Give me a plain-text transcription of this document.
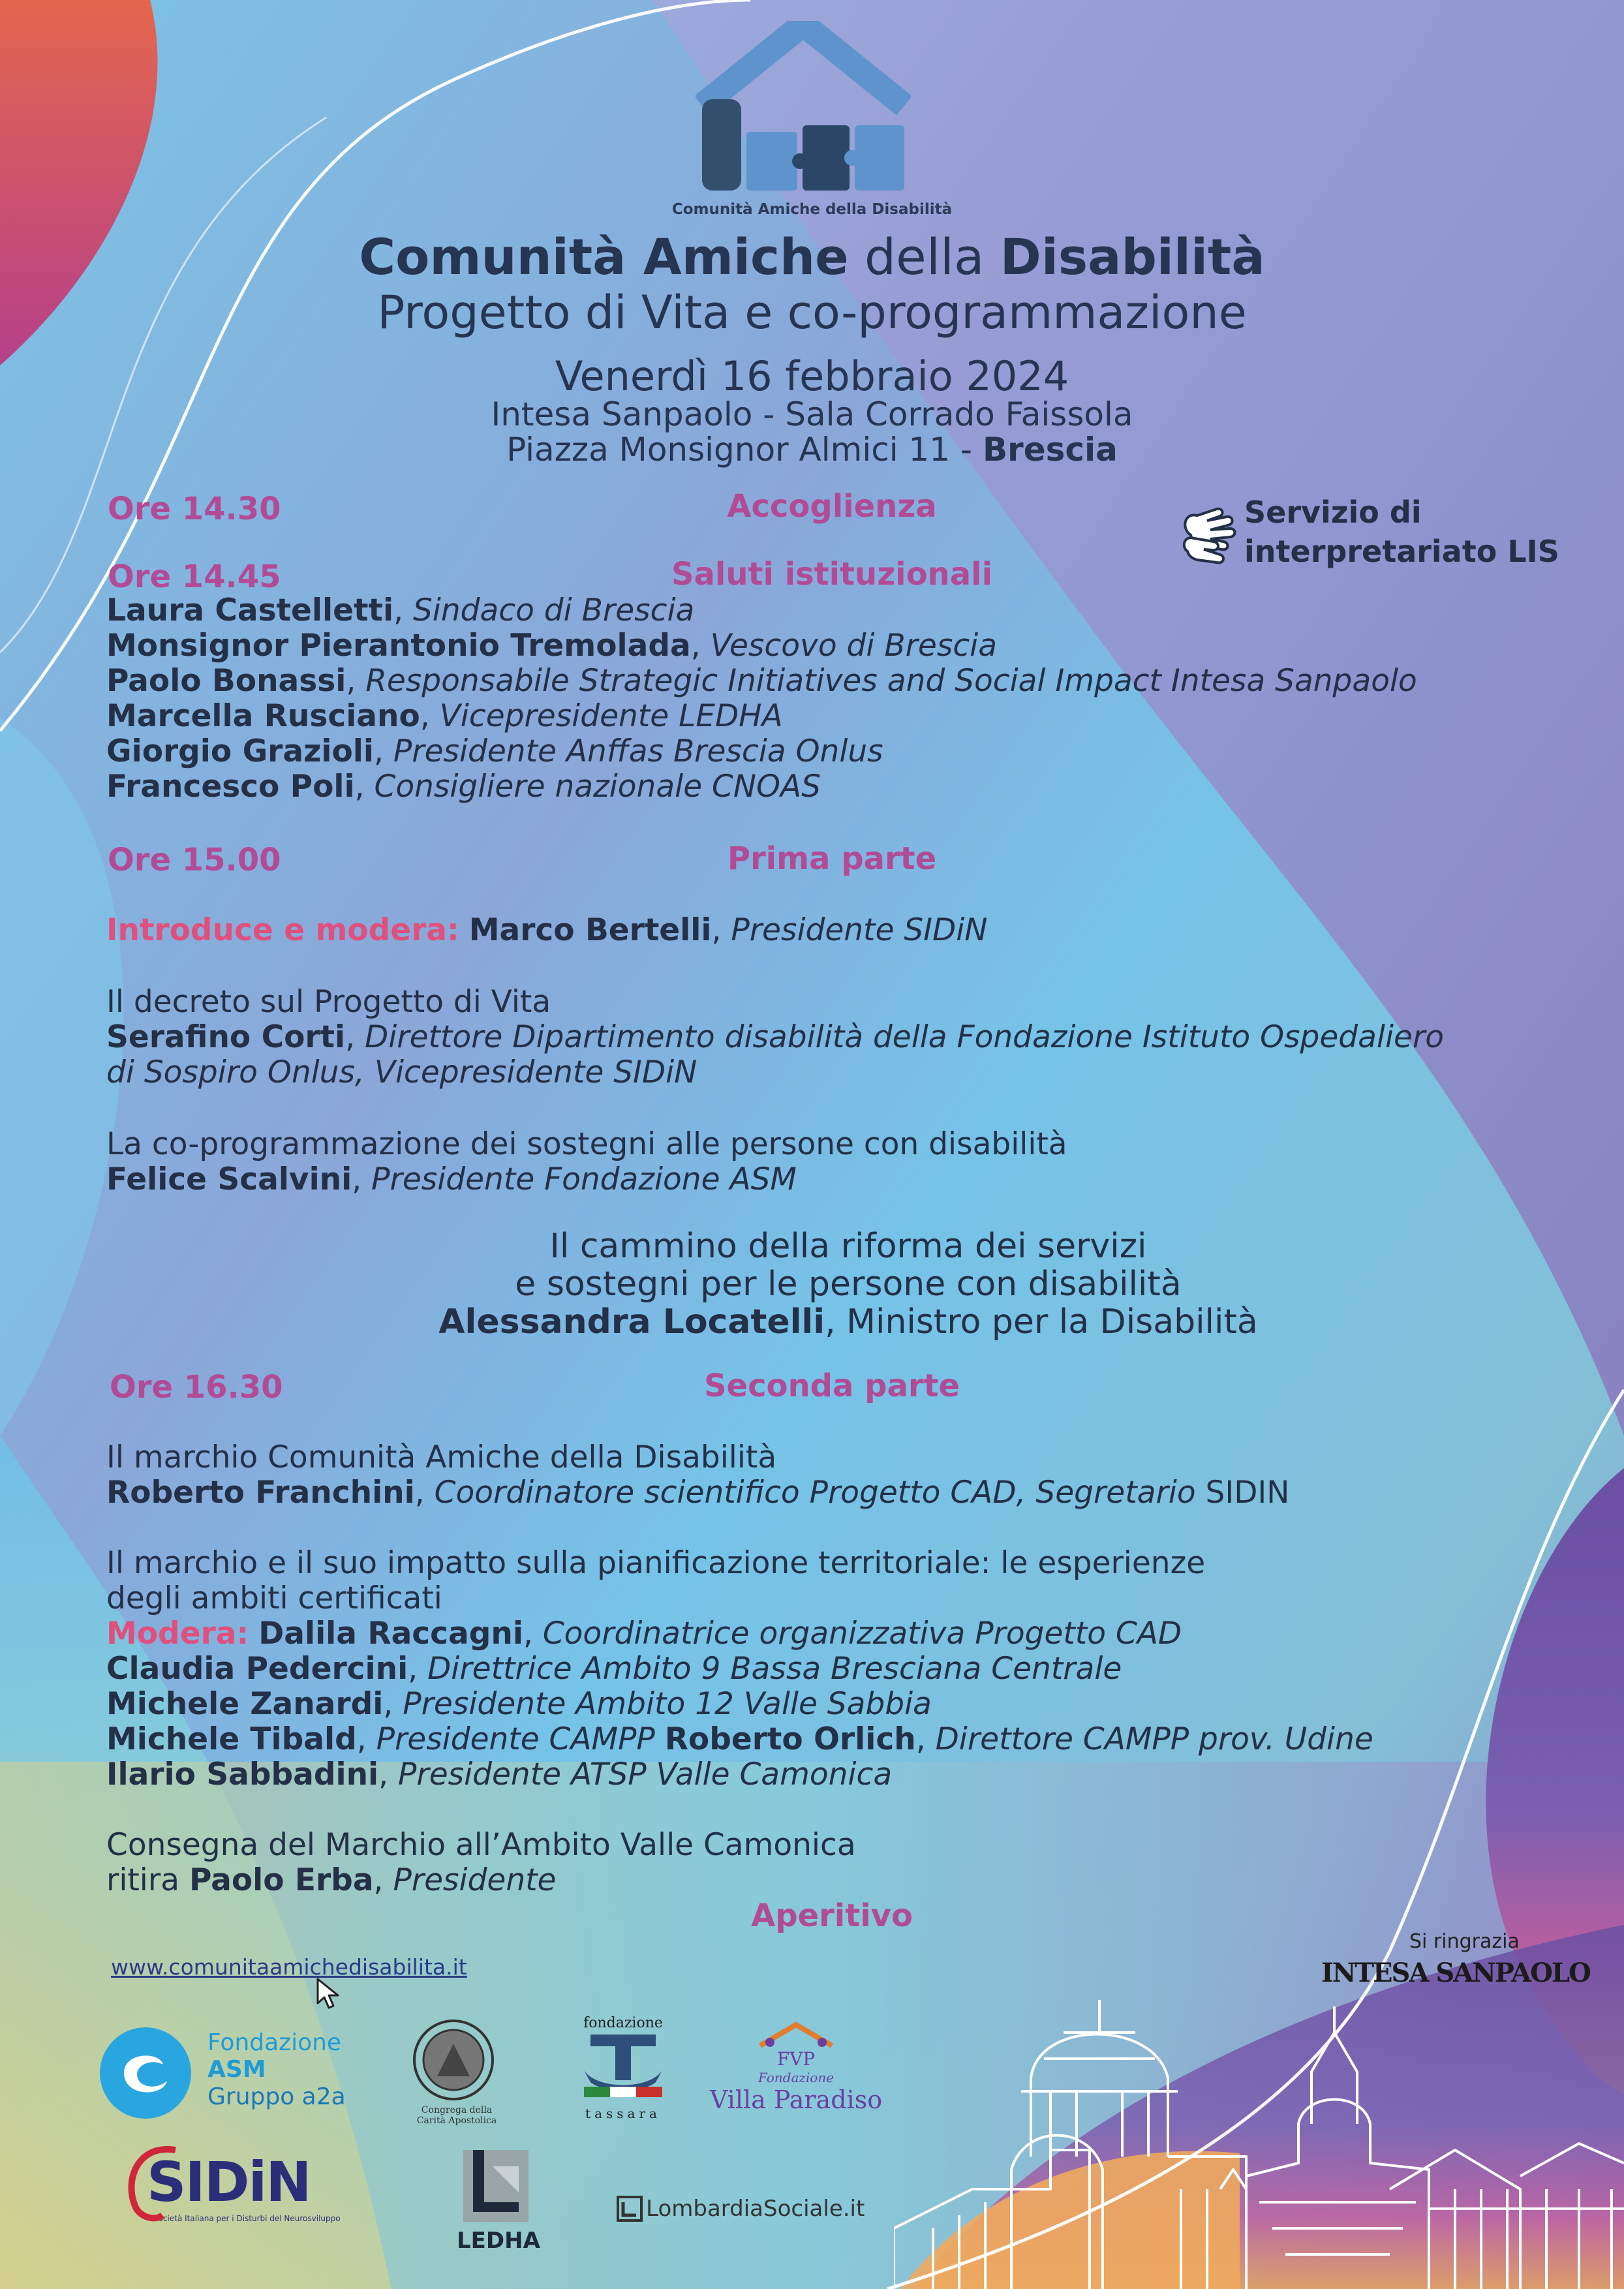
Comunità Amiche della Disabilità
Comunità Amiche della Disabilità
Progetto di Vita e co-programmazione
Venerdì 16 febbraio 2024
Intesa Sanpaolo - Sala Corrado Faissola
Piazza Monsignor Almici 11 - Brescia
Servizio di
interpretariato LIS
Ore 14.30	Accoglienza
Ore 14.45	Saluti istituzionali
Laura Castelletti, Sindaco di Brescia
Monsignor Pierantonio Tremolada, Vescovo di Brescia
Paolo Bonassi, Responsabile Strategic Initiatives and Social Impact Intesa Sanpaolo
Marcella Rusciano, Vicepresidente LEDHA
Giorgio Grazioli, Presidente Anffas Brescia Onlus
Francesco Poli, Consigliere nazionale CNOAS
Ore 15.00	Prima parte
Introduce e modera: Marco Bertelli, Presidente SIDiN
Il decreto sul Progetto di Vita
Serafino Corti, Direttore Dipartimento disabilità della Fondazione Istituto Ospedaliero
di Sospiro Onlus, Vicepresidente SIDiN
La co-programmazione dei sostegni alle persone con disabilità
Felice Scalvini, Presidente Fondazione ASM
Il cammino della riforma dei servizi
e sostegni per le persone con disabilità
Alessandra Locatelli, Ministro per la Disabilità
Ore 16.30	Seconda parte
Il marchio Comunità Amiche della Disabilità
Roberto Franchini, Coordinatore scientifico Progetto CAD, Segretario SIDIN
Il marchio e il suo impatto sulla pianificazione territoriale: le esperienze
degli ambiti certificati
Modera: Dalila Raccagni, Coordinatrice organizzativa Progetto CAD
Claudia Pedercini, Direttrice Ambito 9 Bassa Bresciana Centrale
Michele Zanardi, Presidente Ambito 12 Valle Sabbia
Michele Tibald, Presidente CAMPP Roberto Orlich, Direttore CAMPP prov. Udine
Ilario Sabbadini, Presidente ATSP Valle Camonica
Consegna del Marchio all’Ambito Valle Camonica
ritira Paolo Erba, Presidente
Aperitivo
www.comunitaamichedisabilita.it
Si ringrazia
INTESA SANPAOLO
Fondazione
ASM
Gruppo a2a
Congrega della
Carità Apostolica
fondazione
tassara
FVP
Fondazione
Villa Paradiso
SIDiN
Società Italiana per i Disturbi del Neurosviluppo
LEDHA
LombardiaSociale.it
